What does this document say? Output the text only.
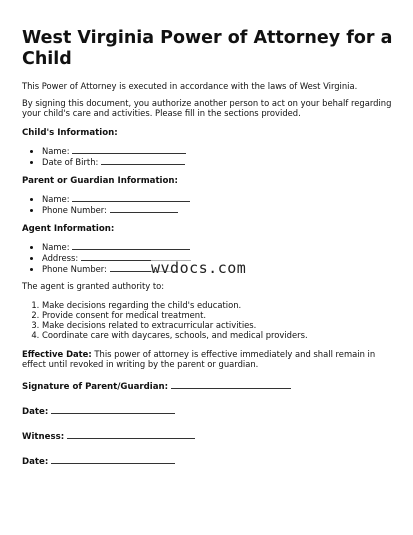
West Virginia Power of Attorney for a Child

This Power of Attorney is executed in accordance with the laws of West Virginia.

By signing this document, you authorize another person to act on your behalf regarding your child's care and activities. Please fill in the sections provided.

Child's Information:
• Name:
• Date of Birth:
Parent or Guardian Information:
• Name:
• Phone Number:
Agent Information:
• Name:
• Address:
• Phone Number:

The agent is granted authority to:

1. Make decisions regarding the child's education.
2. Provide consent for medical treatment.
3. Make decisions related to extracurricular activities.
4. Coordinate care with daycares, schools, and medical providers.

Effective Date: This power of attorney is effective immediately and shall remain in effect until revoked in writing by the parent or guardian.

Signature of Parent/Guardian:
Date:
Witness:
Date:
wvdocs.com
